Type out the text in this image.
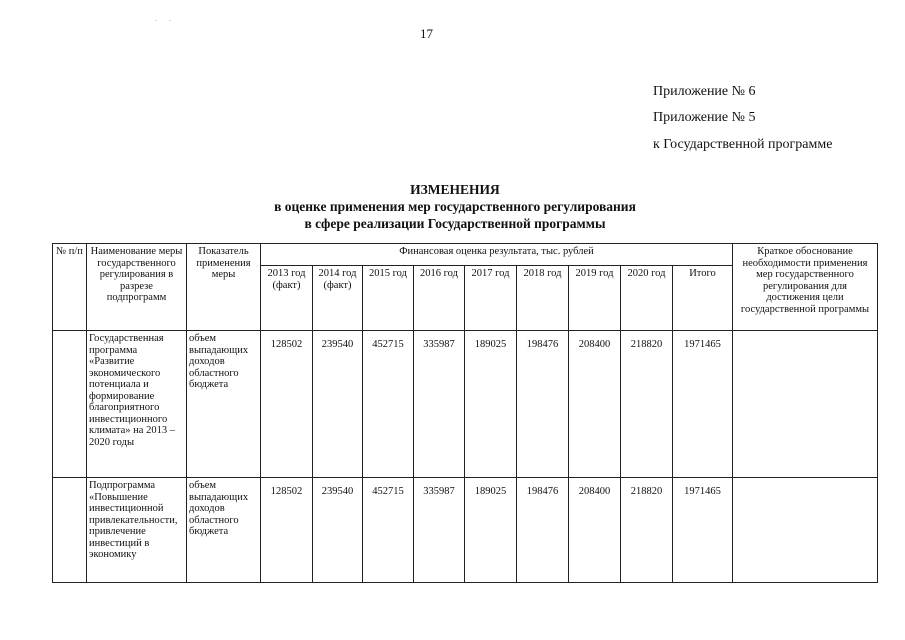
17
. .
Приложение № 6
Приложение № 5
к Государственной программе
ИЗМЕНЕНИЯ
в оценке применения мер государственного регулирования
в сфере реализации Государственной программы
№ п/п	Наименование меры государственного регулирования в разрезе подпрограмм	Показатель применения меры	Финансовая оценка результата, тыс. рублей									Краткое обоснование необходимости применения мер государственного регулирования для достижения цели государственной программы
			2013 год (факт)	2014 год (факт)	2015 год	2016 год	2017 год	2018 год	2019 год	2020 год	Итого	
	Государственная программа «Развитие экономического потенциала и формирование благоприятного инвестиционного климата» на 2013 – 2020 годы	объем выпадающих доходов областного бюджета	128502	239540	452715	335987	189025	198476	208400	218820	1971465	
	Подпрограмма «Повышение инвестиционной привлекательности, привлечение инвестиций в экономику	объем выпадающих доходов областного бюджета	128502	239540	452715	335987	189025	198476	208400	218820	1971465	
